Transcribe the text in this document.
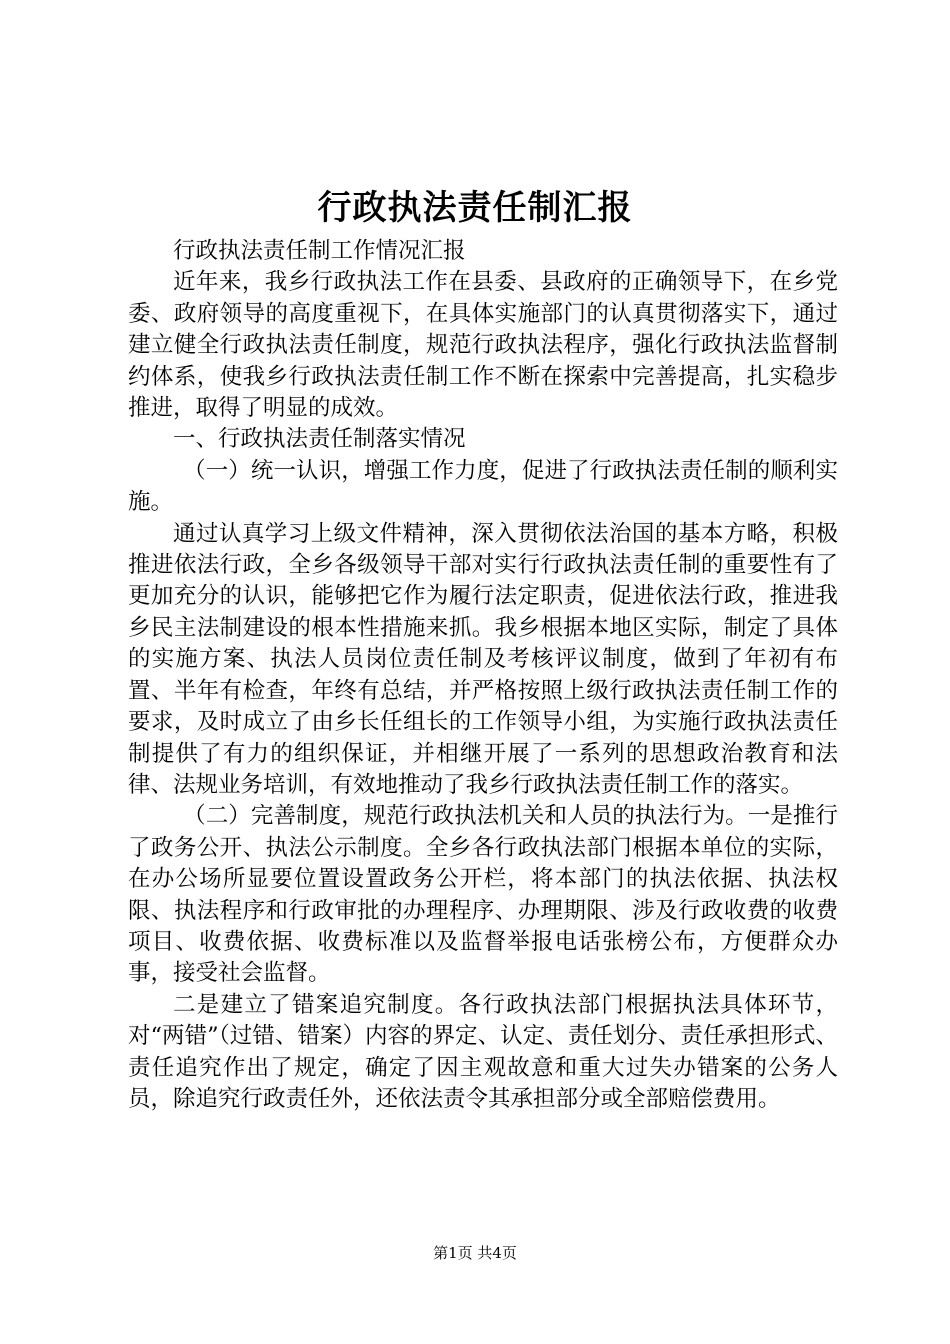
行政执法责任制汇报

行政执法责任制工作情况汇报

近年来，我乡行政执法工作在县委、县政府的正确领导下，在乡党委、政府领导的高度重视下，在具体实施部门的认真贯彻落实下，通过建立健全行政执法责任制度，规范行政执法程序，强化行政执法监督制约体系，使我乡行政执法责任制工作不断在探索中完善提高，扎实稳步推进，取得了明显的成效。

一、行政执法责任制落实情况

（一）统一认识，增强工作力度，促进了行政执法责任制的顺利实施。

通过认真学习上级文件精神，深入贯彻依法治国的基本方略，积极推进依法行政，全乡各级领导干部对实行行政执法责任制的重要性有了更加充分的认识，能够把它作为履行法定职责，促进依法行政，推进我乡民主法制建设的根本性措施来抓。我乡根据本地区实际，制定了具体的实施方案、执法人员岗位责任制及考核评议制度，做到了年初有布置、半年有检查，年终有总结，并严格按照上级行政执法责任制工作的要求，及时成立了由乡长任组长的工作领导小组，为实施行政执法责任制提供了有力的组织保证，并相继开展了一系列的思想政治教育和法律、法规业务培训，有效地推动了我乡行政执法责任制工作的落实。

（二）完善制度，规范行政执法机关和人员的执法行为。一是推行了政务公开、执法公示制度。全乡各行政执法部门根据本单位的实际，在办公场所显要位置设置政务公开栏，将本部门的执法依据、执法权限、执法程序和行政审批的办理程序、办理期限、涉及行政收费的收费项目、收费依据、收费标准以及监督举报电话张榜公布，方便群众办事，接受社会监督。

二是建立了错案追究制度。各行政执法部门根据执法具体环节，对“两错”（过错、错案）内容的界定、认定、责任划分、责任承担形式、责任追究作出了规定，确定了因主观故意和重大过失办错案的公务人员，除追究行政责任外，还依法责令其承担部分或全部赔偿费用。

第1页 共4页
